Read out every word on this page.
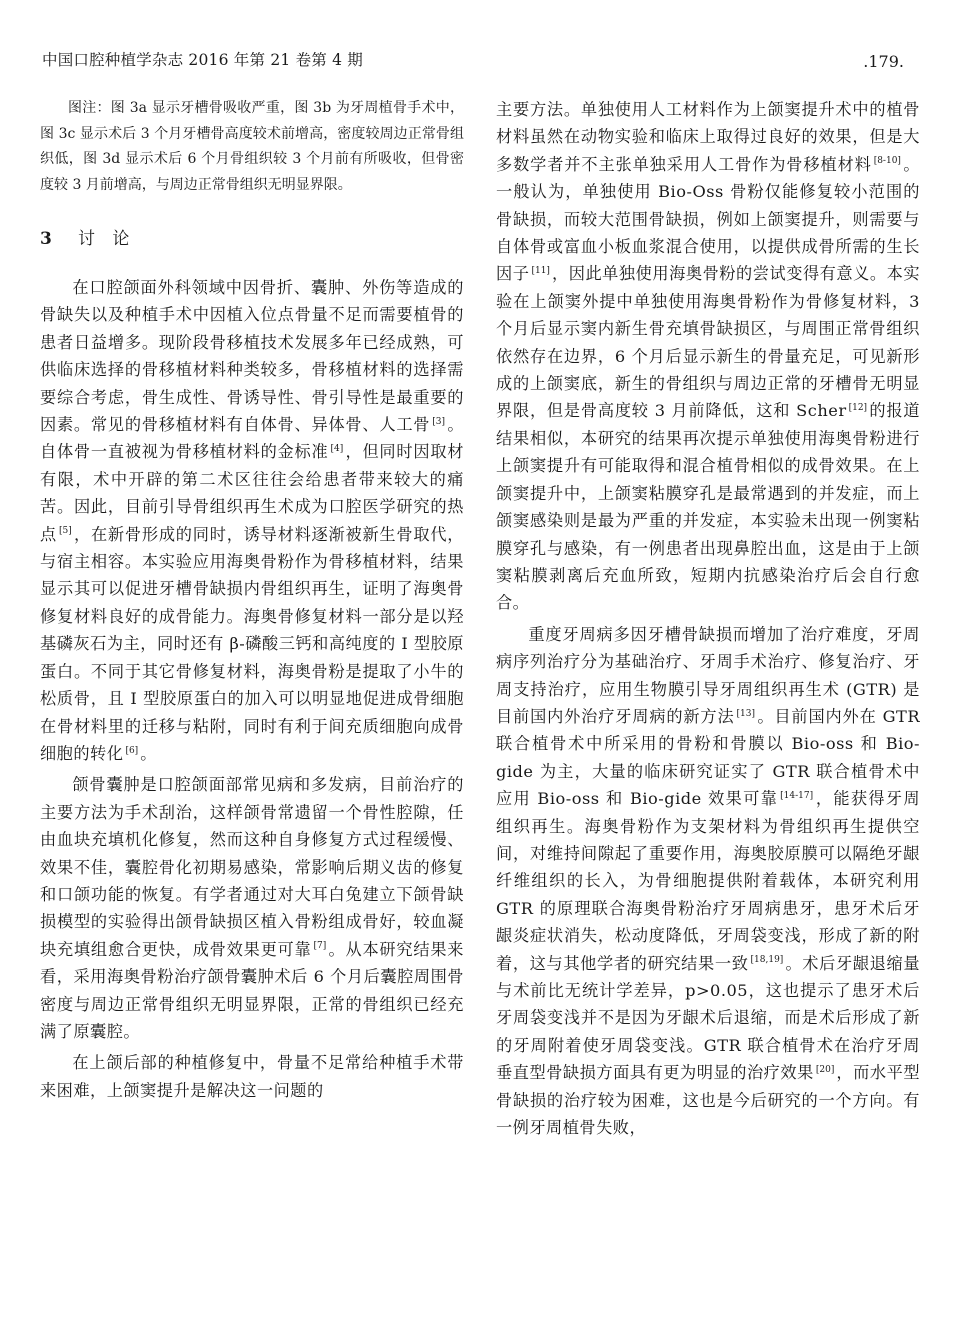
中国口腔种植学杂志 2016 年第 21 卷第 4 期	.179.

图注：图 3a 显示牙槽骨吸收严重，图 3b 为牙周植骨手术中，图 3c 显示术后 3 个月牙槽骨高度较术前增高，密度较周边正常骨组织低，图 3d 显示术后 6 个月骨组织较 3 个月前有所吸收，但骨密度较 3 月前增高，与周边正常骨组织无明显界限。

3 讨 论

在口腔颌面外科领域中因骨折、囊肿、外伤等造成的骨缺失以及种植手术中因植入位点骨量不足而需要植骨的患者日益增多。现阶段骨移植技术发展多年已经成熟，可供临床选择的骨移植材料种类较多，骨移植材料的选择需要综合考虑，骨生成性、骨诱导性、骨引导性是最重要的因素。常见的骨移植材料有自体骨、异体骨、人工骨 [3] 。自体骨一直被视为骨移植材料的金标准 [4] ，但同时因取材有限，术中开辟的第二术区往往会给患者带来较大的痛苦。因此，目前引导骨组织再生术成为口腔医学研究的热点 [5] ，在新骨形成的同时，诱导材料逐渐被新生骨取代，与宿主相容。本实验应用海奥骨粉作为骨移植材料，结果显示其可以促进牙槽骨缺损内骨组织再生，证明了海奥骨修复材料良好的成骨能力。海奥骨修复材料一部分是以羟基磷灰石为主，同时还有 β-磷酸三钙和高纯度的 I 型胶原蛋白。不同于其它骨修复材料，海奥骨粉是提取了小牛的松质骨，且 I 型胶原蛋白的加入可以明显地促进成骨细胞在骨材料里的迁移与粘附，同时有利于间充质细胞向成骨细胞的转化 [6] 。

颌骨囊肿是口腔颌面部常见病和多发病，目前治疗的主要方法为手术刮治，这样颌骨常遗留一个骨性腔隙，任由血块充填机化修复，然而这种自身修复方式过程缓慢、效果不佳，囊腔骨化初期易感染，常影响后期义齿的修复和口颌功能的恢复。有学者通过对大耳白兔建立下颌骨缺损模型的实验得出颌骨缺损区植入骨粉组成骨好，较血凝块充填组愈合更快，成骨效果更可靠 [7] 。从本研究结果来看，采用海奥骨粉治疗颌骨囊肿术后 6 个月后囊腔周围骨密度与周边正常骨组织无明显界限，正常的骨组织已经充满了原囊腔。

在上颌后部的种植修复中，骨量不足常给种植手术带来困难，上颌窦提升是解决这一问题的

主要方法。单独使用人工材料作为上颌窦提升术中的植骨材料虽然在动物实验和临床上取得过良好的效果，但是大多数学者并不主张单独采用人工骨作为骨移植材料 [8-10] 。一般认为，单独使用 Bio-Oss 骨粉仅能修复较小范围的骨缺损，而较大范围骨缺损，例如上颌窦提升，则需要与自体骨或富血小板血浆混合使用，以提供成骨所需的生长因子 [11] ，因此单独使用海奥骨粉的尝试变得有意义。本实验在上颌窦外提中单独使用海奥骨粉作为骨修复材料，3 个月后显示窦内新生骨充填骨缺损区，与周围正常骨组织依然存在边界，6 个月后显示新生的骨量充足，可见新形成的上颌窦底，新生的骨组织与周边正常的牙槽骨无明显界限，但是骨高度较 3 月前降低，这和 Scher [12] 的报道结果相似，本研究的结果再次提示单独使用海奥骨粉进行上颌窦提升有可能取得和混合植骨相似的成骨效果。在上颌窦提升中，上颌窦粘膜穿孔是最常遇到的并发症，而上颌窦感染则是最为严重的并发症，本实验未出现一例窦粘膜穿孔与感染，有一例患者出现鼻腔出血，这是由于上颌窦粘膜剥离后充血所致，短期内抗感染治疗后会自行愈合。

重度牙周病多因牙槽骨缺损而增加了治疗难度，牙周病序列治疗分为基础治疗、牙周手术治疗、修复治疗、牙周支持治疗，应用生物膜引导牙周组织再生术 (GTR) 是目前国内外治疗牙周病的新方法 [13] 。目前国内外在 GTR 联合植骨术中所采用的骨粉和骨膜以 Bio-oss 和 Bio-gide 为主，大量的临床研究证实了 GTR 联合植骨术中应用 Bio-oss 和 Bio-gide 效果可靠 [14-17] ，能获得牙周组织再生。海奥骨粉作为支架材料为骨组织再生提供空间，对维持间隙起了重要作用，海奥胶原膜可以隔绝牙龈纤维组织的长入，为骨细胞提供附着载体，本研究利用 GTR 的原理联合海奥骨粉治疗牙周病患牙，患牙术后牙龈炎症状消失，松动度降低，牙周袋变浅，形成了新的附着，这与其他学者的研究结果一致 [18,19] 。术后牙龈退缩量与术前比无统计学差异，p>0.05，这也提示了患牙术后牙周袋变浅并不是因为牙龈术后退缩，而是术后形成了新的牙周附着使牙周袋变浅。GTR 联合植骨术在治疗牙周垂直型骨缺损方面具有更为明显的治疗效果 [20] ，而水平型骨缺损的治疗较为困难，这也是今后研究的一个方向。有一例牙周植骨失败，
